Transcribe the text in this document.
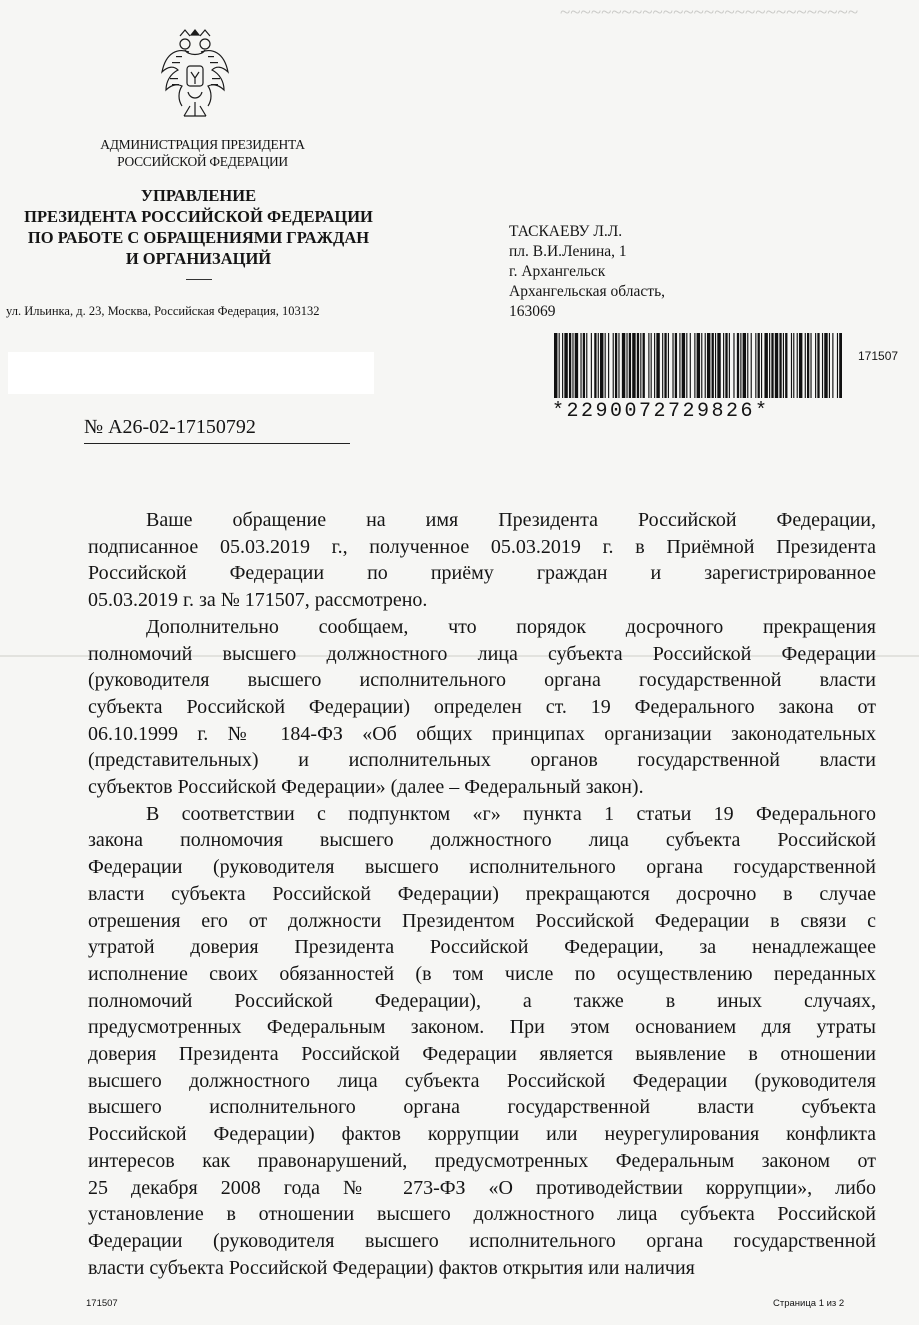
~~~~~~~~~~~~~~~~~~~~~~~~~~~~~
АДМИНИСТРАЦИЯ ПРЕЗИДЕНТА
РОССИЙСКОЙ ФЕДЕРАЦИИ
УПРАВЛЕНИЕ
ПРЕЗИДЕНТА РОССИЙСКОЙ ФЕДЕРАЦИИ
ПО РАБОТЕ С ОБРАЩЕНИЯМИ ГРАЖДАН
И ОРГАНИЗАЦИЙ
ул. Ильинка, д. 23, Москва, Российская Федерация, 103132
ТАСКАЕВУ Л.Л.
пл. В.И.Ленина, 1
г. Архангельск
Архангельская область,
163069
*2290072729826*
171507
№ А26-02-17150792
Ваше обращение на имя Президента Российской Федерации,
подписанное 05.03.2019 г., полученное 05.03.2019 г. в Приёмной Президента
Российской Федерации по приёму граждан и зарегистрированное
05.03.2019 г. за № 171507, рассмотрено.
Дополнительно сообщаем, что порядок досрочного прекращения
полномочий высшего должностного лица субъекта Российской Федерации
(руководителя высшего исполнительного органа государственной власти
субъекта Российской Федерации) определен ст. 19 Федерального закона от
06.10.1999 г. № 184-ФЗ «Об общих принципах организации законодательных
(представительных) и исполнительных органов государственной власти
субъектов Российской Федерации» (далее – Федеральный закон).
В соответствии с подпунктом «г» пункта 1 статьи 19 Федерального
закона полномочия высшего должностного лица субъекта Российской
Федерации (руководителя высшего исполнительного органа государственной
власти субъекта Российской Федерации) прекращаются досрочно в случае
отрешения его от должности Президентом Российской Федерации в связи с
утратой доверия Президента Российской Федерации, за ненадлежащее
исполнение своих обязанностей (в том числе по осуществлению переданных
полномочий Российской Федерации), а также в иных случаях,
предусмотренных Федеральным законом. При этом основанием для утраты
доверия Президента Российской Федерации является выявление в отношении
высшего должностного лица субъекта Российской Федерации (руководителя
высшего исполнительного органа государственной власти субъекта
Российской Федерации) фактов коррупции или неурегулирования конфликта
интересов как правонарушений, предусмотренных Федеральным законом от
25 декабря 2008 года № 273-ФЗ «О противодействии коррупции», либо
установление в отношении высшего должностного лица субъекта Российской
Федерации (руководителя высшего исполнительного органа государственной
власти субъекта Российской Федерации) фактов открытия или наличия
171507	Страница 1 из 2
